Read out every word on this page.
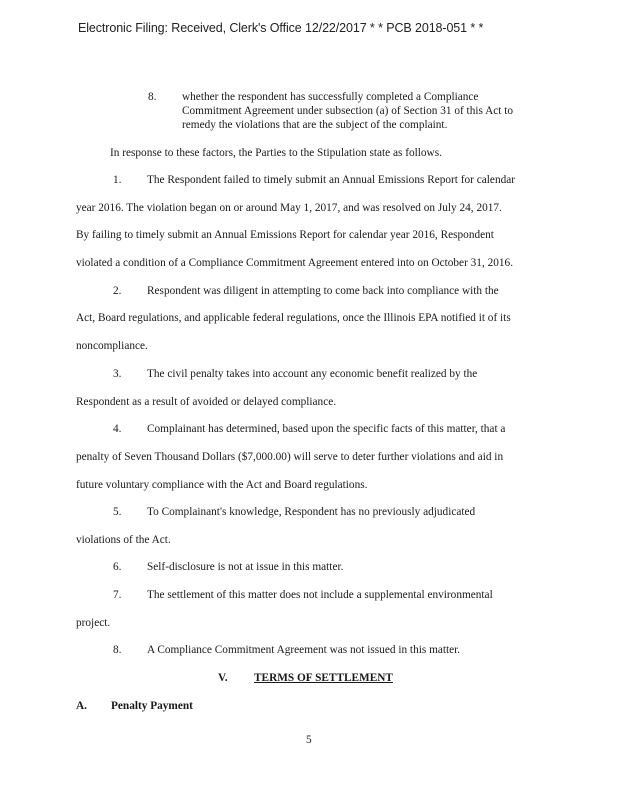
Electronic Filing: Received, Clerk's Office 12/22/2017 * * PCB 2018-051 * *
8. whether the respondent has successfully completed a Compliance
Commitment Agreement under subsection (a) of Section 31 of this Act to
remedy the violations that are the subject of the complaint.
In response to these factors, the Parties to the Stipulation state as follows.
1. The Respondent failed to timely submit an Annual Emissions Report for calendar
year 2016. The violation began on or around May 1, 2017, and was resolved on July 24, 2017.
By failing to timely submit an Annual Emissions Report for calendar year 2016, Respondent
violated a condition of a Compliance Commitment Agreement entered into on October 31, 2016.
2. Respondent was diligent in attempting to come back into compliance with the
Act, Board regulations, and applicable federal regulations, once the Illinois EPA notified it of its
noncompliance.
3. The civil penalty takes into account any economic benefit realized by the
Respondent as a result of avoided or delayed compliance.
4. Complainant has determined, based upon the specific facts of this matter, that a
penalty of Seven Thousand Dollars ($7,000.00) will serve to deter further violations and aid in
future voluntary compliance with the Act and Board regulations.
5. To Complainant's knowledge, Respondent has no previously adjudicated
violations of the Act.
6. Self-disclosure is not at issue in this matter.
7. The settlement of this matter does not include a supplemental environmental
project.
8. A Compliance Commitment Agreement was not issued in this matter.
V. TERMS OF SETTLEMENT
A. Penalty Payment
5
